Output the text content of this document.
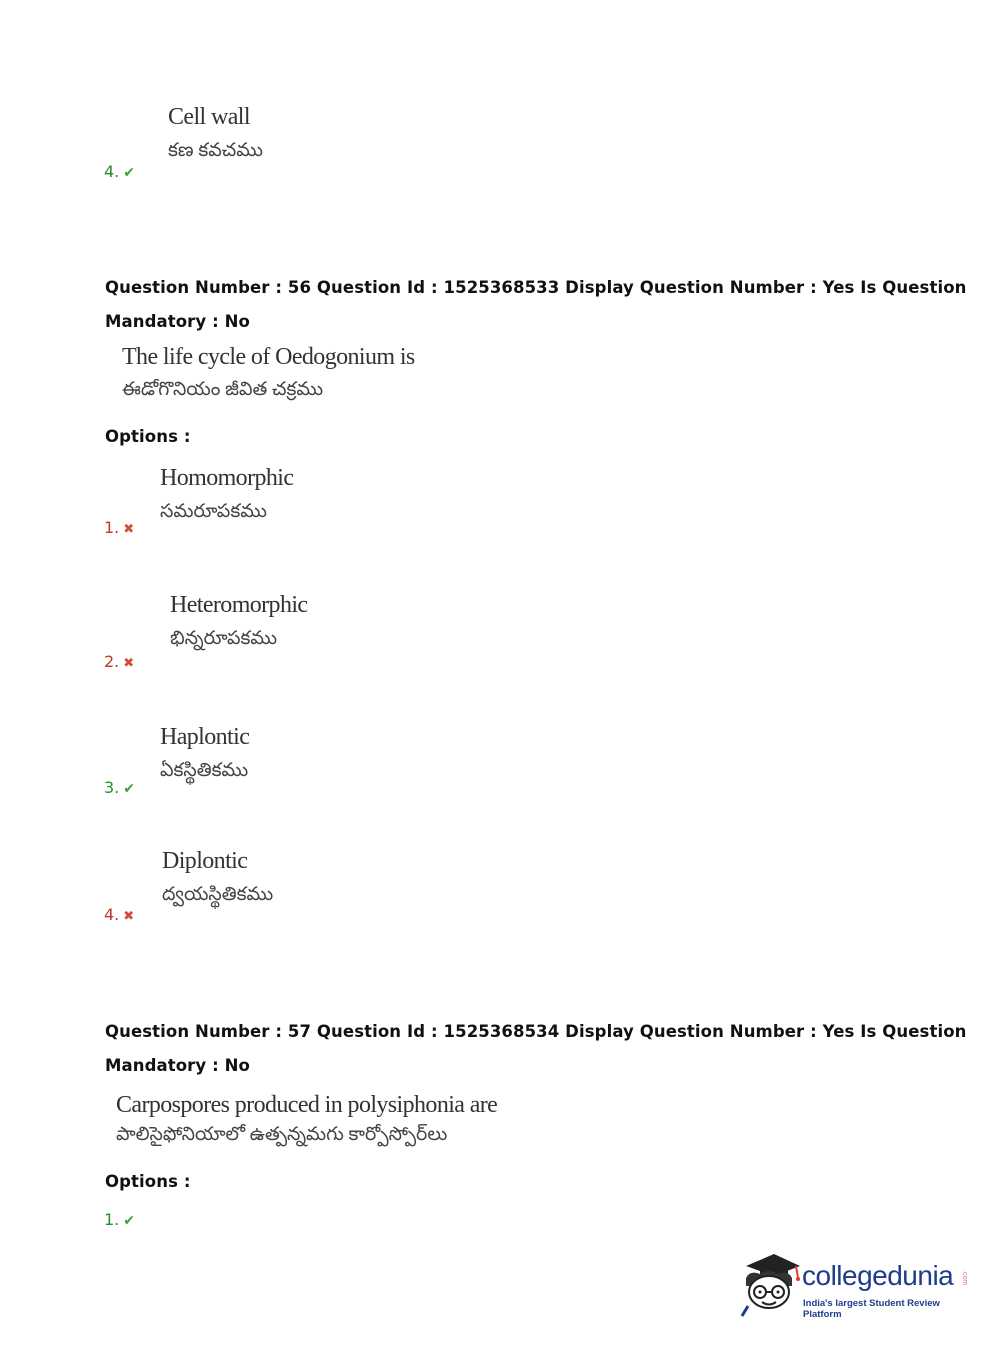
Cell wall
కణ కవచము
4. ✔
Question Number : 56 Question Id : 1525368533 Display Question Number : Yes Is Question
Mandatory : No
The life cycle of Oedogonium is
ఈడోగొనియం జీవిత చక్రము
Options :
Homomorphic
సమరూపకము
1. ✖
Heteromorphic
భిన్నరూపకము
2. ✖
Haplontic
ఏకస్థితికము
3. ✔
Diplontic
ద్వయస్థితికము
4. ✖
Question Number : 57 Question Id : 1525368534 Display Question Number : Yes Is Question
Mandatory : No
Carpospores produced in polysiphonia are
పాలిసైఫోనియాలో ఉత్పన్నమగు కార్పోస్పోర్‌లు
Options :
1. ✔
collegedunia .com
India's largest Student Review Platform
